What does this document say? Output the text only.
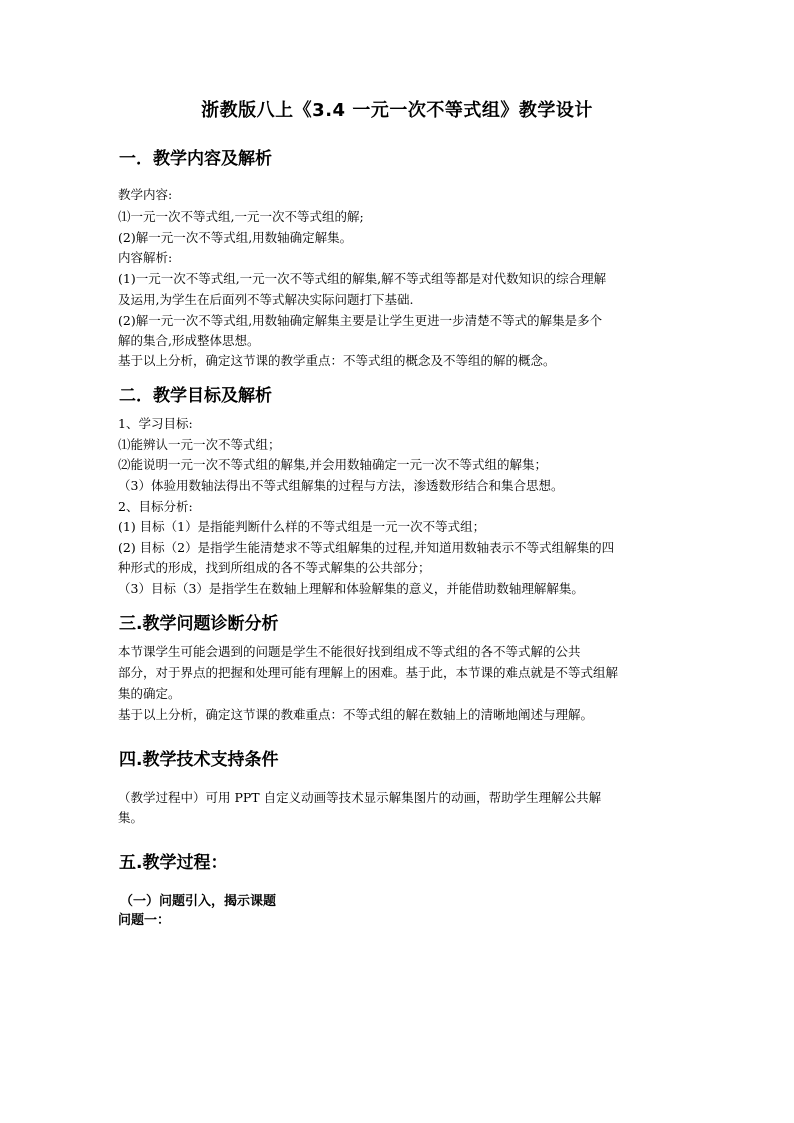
浙教版八上《3.4 一元一次不等式组》教学设计
一．教学内容及解析
教学内容:
⑴一元一次不等式组,一元一次不等式组的解;
(2)解一元一次不等式组,用数轴确定解集。
内容解析:
(1)一元一次不等式组,一元一次不等式组的解集,解不等式组等都是对代数知识的综合理解
及运用,为学生在后面列不等式解决实际问题打下基础.
(2)解一元一次不等式组,用数轴确定解集主要是让学生更进一步清楚不等式的解集是多个
解的集合,形成整体思想。
基于以上分析，确定这节课的教学重点：不等式组的概念及不等组的解的概念。
二．教学目标及解析
1、学习目标:
⑴能辨认一元一次不等式组；
⑵能说明一元一次不等式组的解集,并会用数轴确定一元一次不等式组的解集；
（3）体验用数轴法得出不等式组解集的过程与方法，渗透数形结合和集合思想。
2、目标分析:
(1) 目标（1）是指能判断什么样的不等式组是一元一次不等式组；
(2) 目标（2）是指学生能清楚求不等式组解集的过程,并知道用数轴表示不等式组解集的四
种形式的形成，找到所组成的各不等式解集的公共部分；
（3）目标（3）是指学生在数轴上理解和体验解集的意义，并能借助数轴理解解集。
三.教学问题诊断分析
本节课学生可能会遇到的问题是学生不能很好找到组成不等式组的各不等式解的公共
部分，对于界点的把握和处理可能有理解上的困难。基于此，本节课的难点就是不等式组解
集的确定。
基于以上分析，确定这节课的教难重点：不等式组的解在数轴上的清晰地阐述与理解。
四.教学技术支持条件
（教学过程中）可用 PPT 自定义动画等技术显示解集图片的动画，帮助学生理解公共解
集。
五.教学过程：
（一）问题引入，揭示课题
问题一：
